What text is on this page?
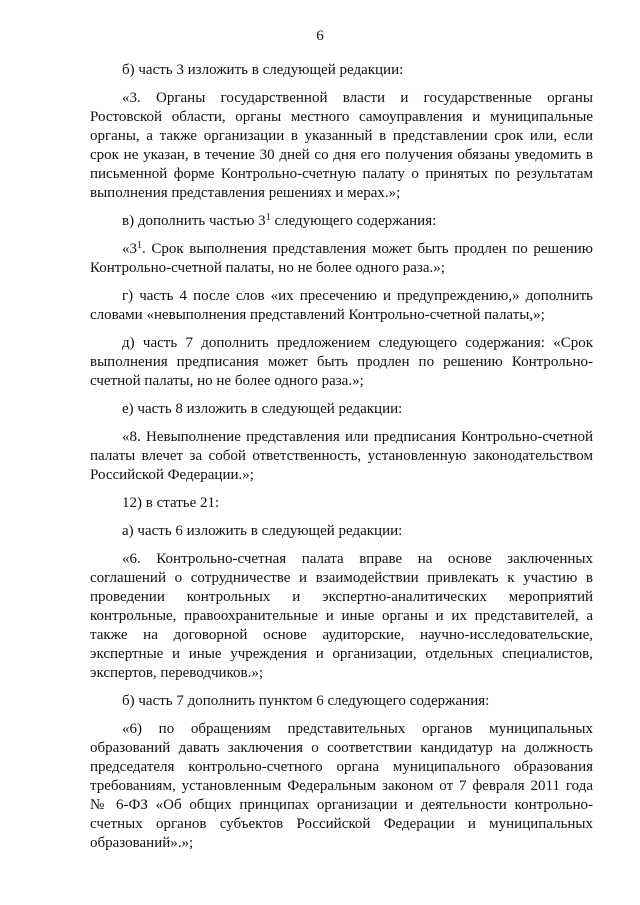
6

б) часть 3 изложить в следующей редакции:

«3. Органы государственной власти и государственные органы Ростовской области, органы местного самоуправления и муниципальные органы, а также организации в указанный в представлении срок или, если срок не указан, в течение 30 дней со дня его получения обязаны уведомить в письменной форме Контрольно-счетную палату о принятых по результатам выполнения представления решениях и мерах.»;

в) дополнить частью $3^1$ следующего содержания:

«$3^1$. Срок выполнения представления может быть продлен по решению Контрольно-счетной палаты, но не более одного раза.»;

г) часть 4 после слов «их пресечению и предупреждению,» дополнить словами «невыполнения представлений Контрольно-счетной палаты,»;

д) часть 7 дополнить предложением следующего содержания: «Срок выполнения предписания может быть продлен по решению Контрольно-счетной палаты, но не более одного раза.»;

е) часть 8 изложить в следующей редакции:

«8. Невыполнение представления или предписания Контрольно-счетной палаты влечет за собой ответственность, установленную законодательством Российской Федерации.»;

12) в статье 21:

а) часть 6 изложить в следующей редакции:

«6. Контрольно-счетная палата вправе на основе заключенных соглашений о сотрудничестве и взаимодействии привлекать к участию в проведении контрольных и экспертно-аналитических мероприятий контрольные, правоохранительные и иные органы и их представителей, а также на договорной основе аудиторские, научно-исследовательские, экспертные и иные учреждения и организации, отдельных специалистов, экспертов, переводчиков.»;

б) часть 7 дополнить пунктом 6 следующего содержания:

«6) по обращениям представительных органов муниципальных образований давать заключения о соответствии кандидатур на должность председателя контрольно-счетного органа муниципального образования требованиям, установленным Федеральным законом от 7 февраля 2011 года № 6-ФЗ «Об общих принципах организации и деятельности контрольно-счетных органов субъектов Российской Федерации и муниципальных образований».»;
